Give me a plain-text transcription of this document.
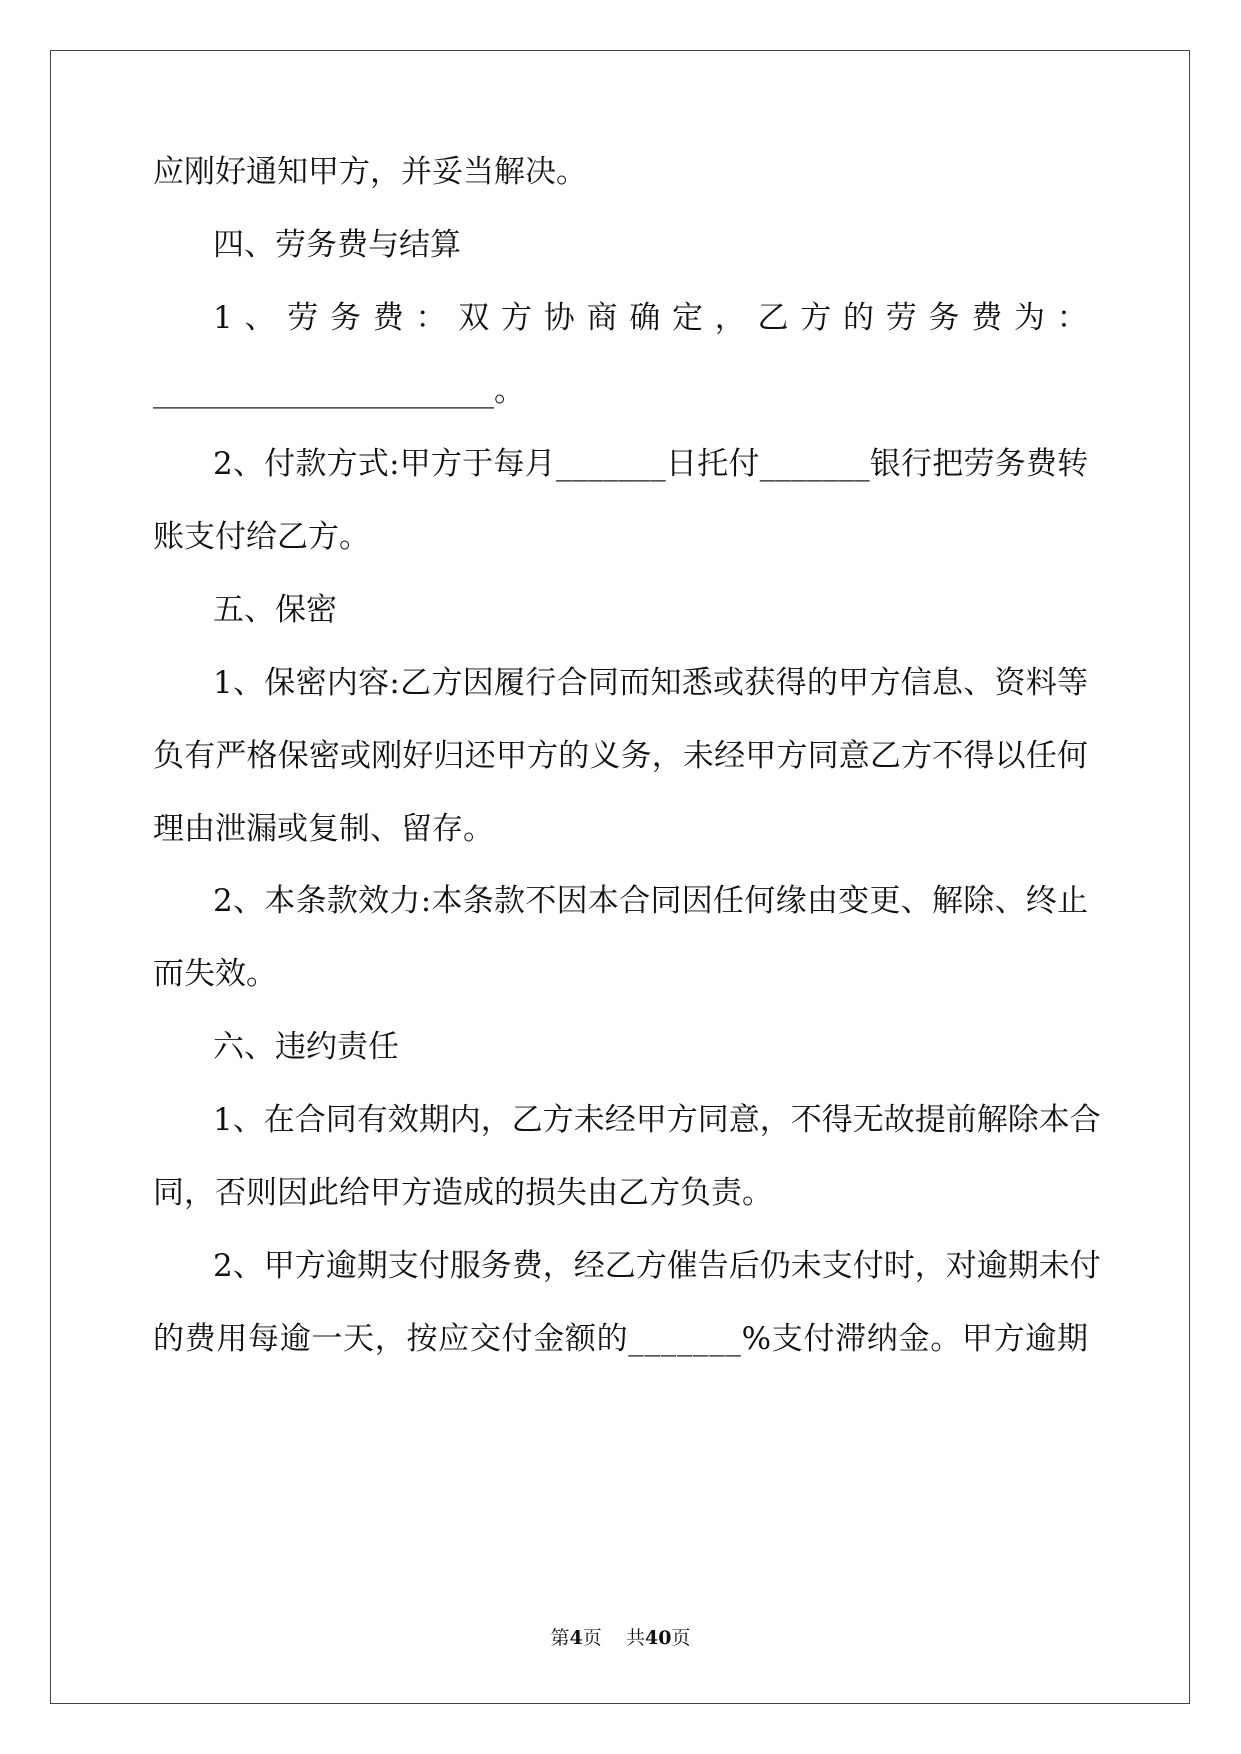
应刚好通知甲方，并妥当解决。
四、劳务费与结算
1 、 劳 务 费 ： 双 方 协 商 确 定 ， 乙 方 的 劳 务 费 为 ：
______________________。
2、付款方式:甲方于每月_______日托付_______银行把劳务费转
账支付给乙方。
五、保密
1、保密内容:乙方因履行合同而知悉或获得的甲方信息、资料等
负有严格保密或刚好归还甲方的义务，未经甲方同意乙方不得以任何
理由泄漏或复制、留存。
2、本条款效力:本条款不因本合同因任何缘由变更、解除、终止
而失效。
六、违约责任
1、在合同有效期内，乙方未经甲方同意，不得无故提前解除本合
同，否则因此给甲方造成的损失由乙方负责。
2、甲方逾期支付服务费，经乙方催告后仍未支付时，对逾期未付
的费用每逾一天，按应交付金额的_______%支付滞纳金。甲方逾期
第4页 共40页
